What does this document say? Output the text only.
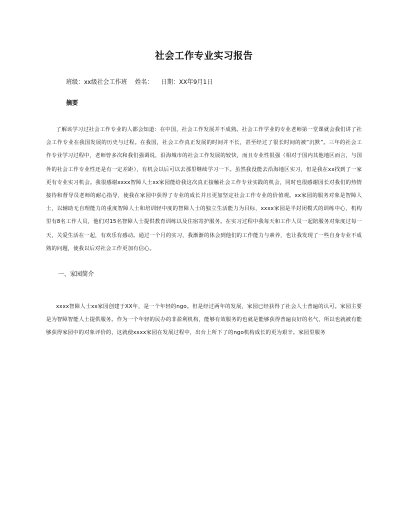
社会工作专业实习报告
班级：xx级社会工作班 姓名： 日期：XX年9月1日
摘要

了解该学习过社会工作专业的人都会知道：在中国，社会工作发展并不成熟。社会工作学业的专业老师第一堂课就会我们讲了社会工作专业在我国发展的历史与过程。在我国，社会工作真正发展的时间并不长，甚至经过了很长时间的被“沉默”。三年的社会工作专业学习过程中，老师曾多次和我们强调说，沿海城市的社会工作发展的较快，而且专业性很强（相对于国内其他地区而言，与国外的社会工作专业性还是有一定差距），有机会以后可以去那里继续学习一下。虽然我没能去沿海地区实习，但是我在xx找到了一家更有专业实习机会。我很感谢xxxx智障人士xx家园能给我这次真正接触社会工作专业实践的机会，同时也很感谢园长对我们的热情接待和督导员老师的耐心指导，使我在家园中获得了专业的成长并且更加坚定社会工作专业的价值观。xx家园的服务对象是智障人士，以辅助无自理能力的重度智障人士和培训轻中度的智障人士的独立生活能力为目标，xxxx家园是半封闭模式的训练中心，机构里有8名工作人员，他们对15名智障人士提供教育训练以及住宿寄护服务。在实习过程中我每天和工作人员一起陪服务对象度过每一天，关爱生活在一起，有欢乐有感动。通过一个月的实习，我渐渐的体会到他们的工作能力与素养，也让我发现了一些自身专业不成熟的问题，使我以后对社会工作更加有信心。

一、家园简介

xxxx智障人士xx家园创建于XX年，是一个年轻的ngo。但是经过两年的发展，家园已经获得了社会人士普遍的认可。家园主要是为智障智能人士提供服务。作为一个年轻的民办的非盈利机构，能够有效服务的也就是能够获得普遍良好的名气，所以也就被有能够获得家园中的对象评价的，这就使xxxx家园在发展过程中，出台上所下了的ngo机构成长的更为艰辛。家园里服务
